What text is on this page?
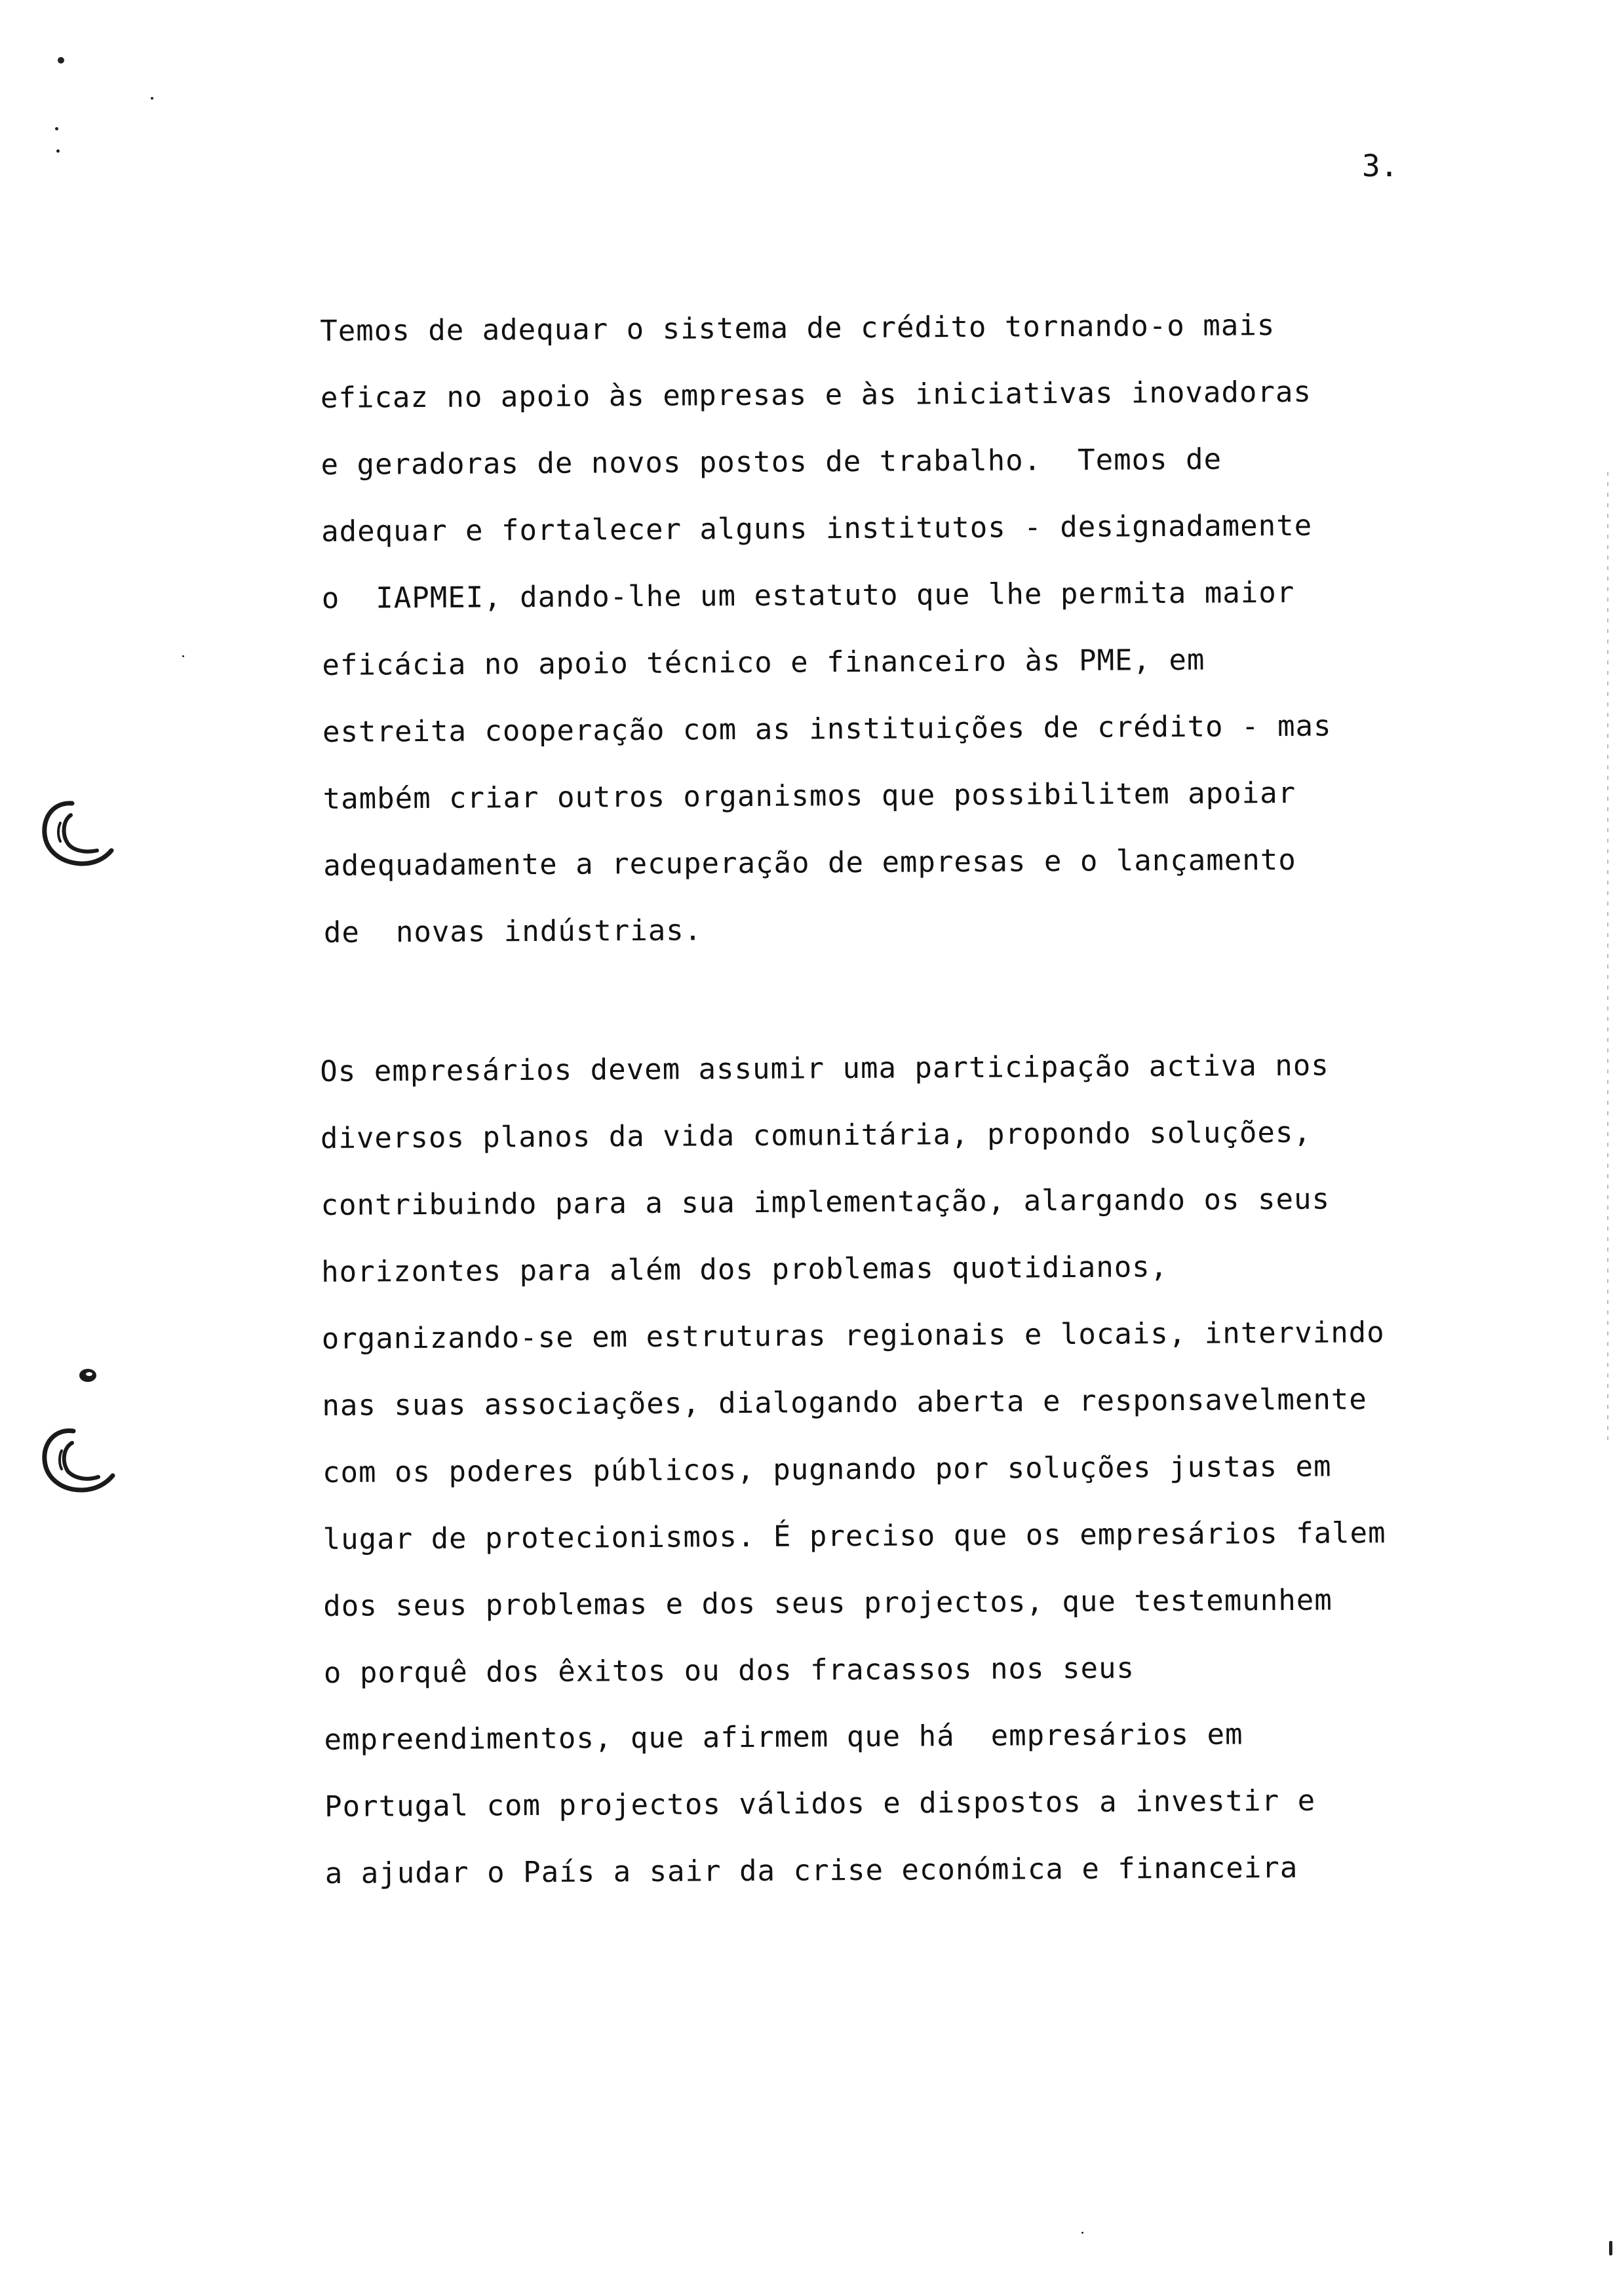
3.
Temos de adequar o sistema de crédito tornando-o mais
eficaz no apoio às empresas e às iniciativas inovadoras
e geradoras de novos postos de trabalho.  Temos de
adequar e fortalecer alguns institutos - designadamente
o  IAPMEI, dando-lhe um estatuto que lhe permita maior
eficácia no apoio técnico e financeiro às PME, em
estreita cooperação com as instituições de crédito - mas
também criar outros organismos que possibilitem apoiar
adequadamente a recuperação de empresas e o lançamento
de  novas indústrias.
Os empresários devem assumir uma participação activa nos
diversos planos da vida comunitária, propondo soluções,
contribuindo para a sua implementação, alargando os seus
horizontes para além dos problemas quotidianos,
organizando-se em estruturas regionais e locais, intervindo
nas suas associações, dialogando aberta e responsavelmente
com os poderes públicos, pugnando por soluções justas em
lugar de protecionismos. É preciso que os empresários falem
dos seus problemas e dos seus projectos, que testemunhem
o porquê dos êxitos ou dos fracassos nos seus
empreendimentos, que afirmem que há  empresários em
Portugal com projectos válidos e dispostos a investir e
a ajudar o País a sair da crise económica e financeira
